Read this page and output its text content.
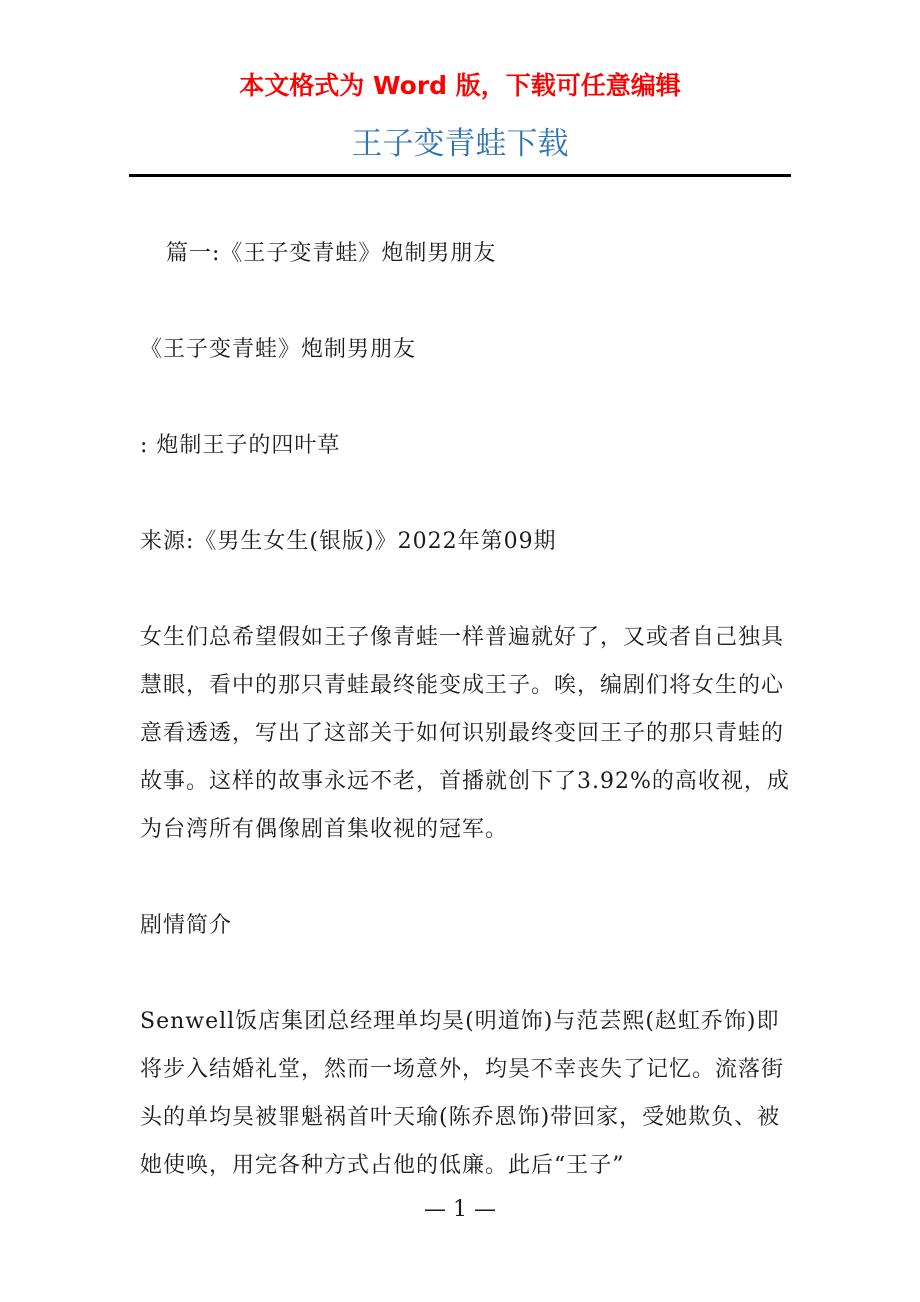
本文格式为 Word 版，下载可任意编辑
王子变青蛙下载

篇一:《王子变青蛙》炮制男朋友

《王子变青蛙》炮制男朋友

: 炮制王子的四叶草

来源:《男生女生(银版)》2022年第09期

女生们总希望假如王子像青蛙一样普遍就好了，又或者自己独具慧眼，看中的那只青蛙最终能变成王子。唉，编剧们将女生的心意看透透，写出了这部关于如何识别最终变回王子的那只青蛙的故事。这样的故事永远不老，首播就创下了3.92%的高收视，成为台湾所有偶像剧首集收视的冠军。

剧情简介

Senwell饭店集团总经理单均昊(明道饰)与范芸熙(赵虹乔饰)即将步入结婚礼堂，然而一场意外，均昊不幸丧失了记忆。流落街头的单均昊被罪魁祸首叶天瑜(陈乔恩饰)带回家，受她欺负、被她使唤，用完各种方式占他的低廉。此后“王子”

— 1 —
